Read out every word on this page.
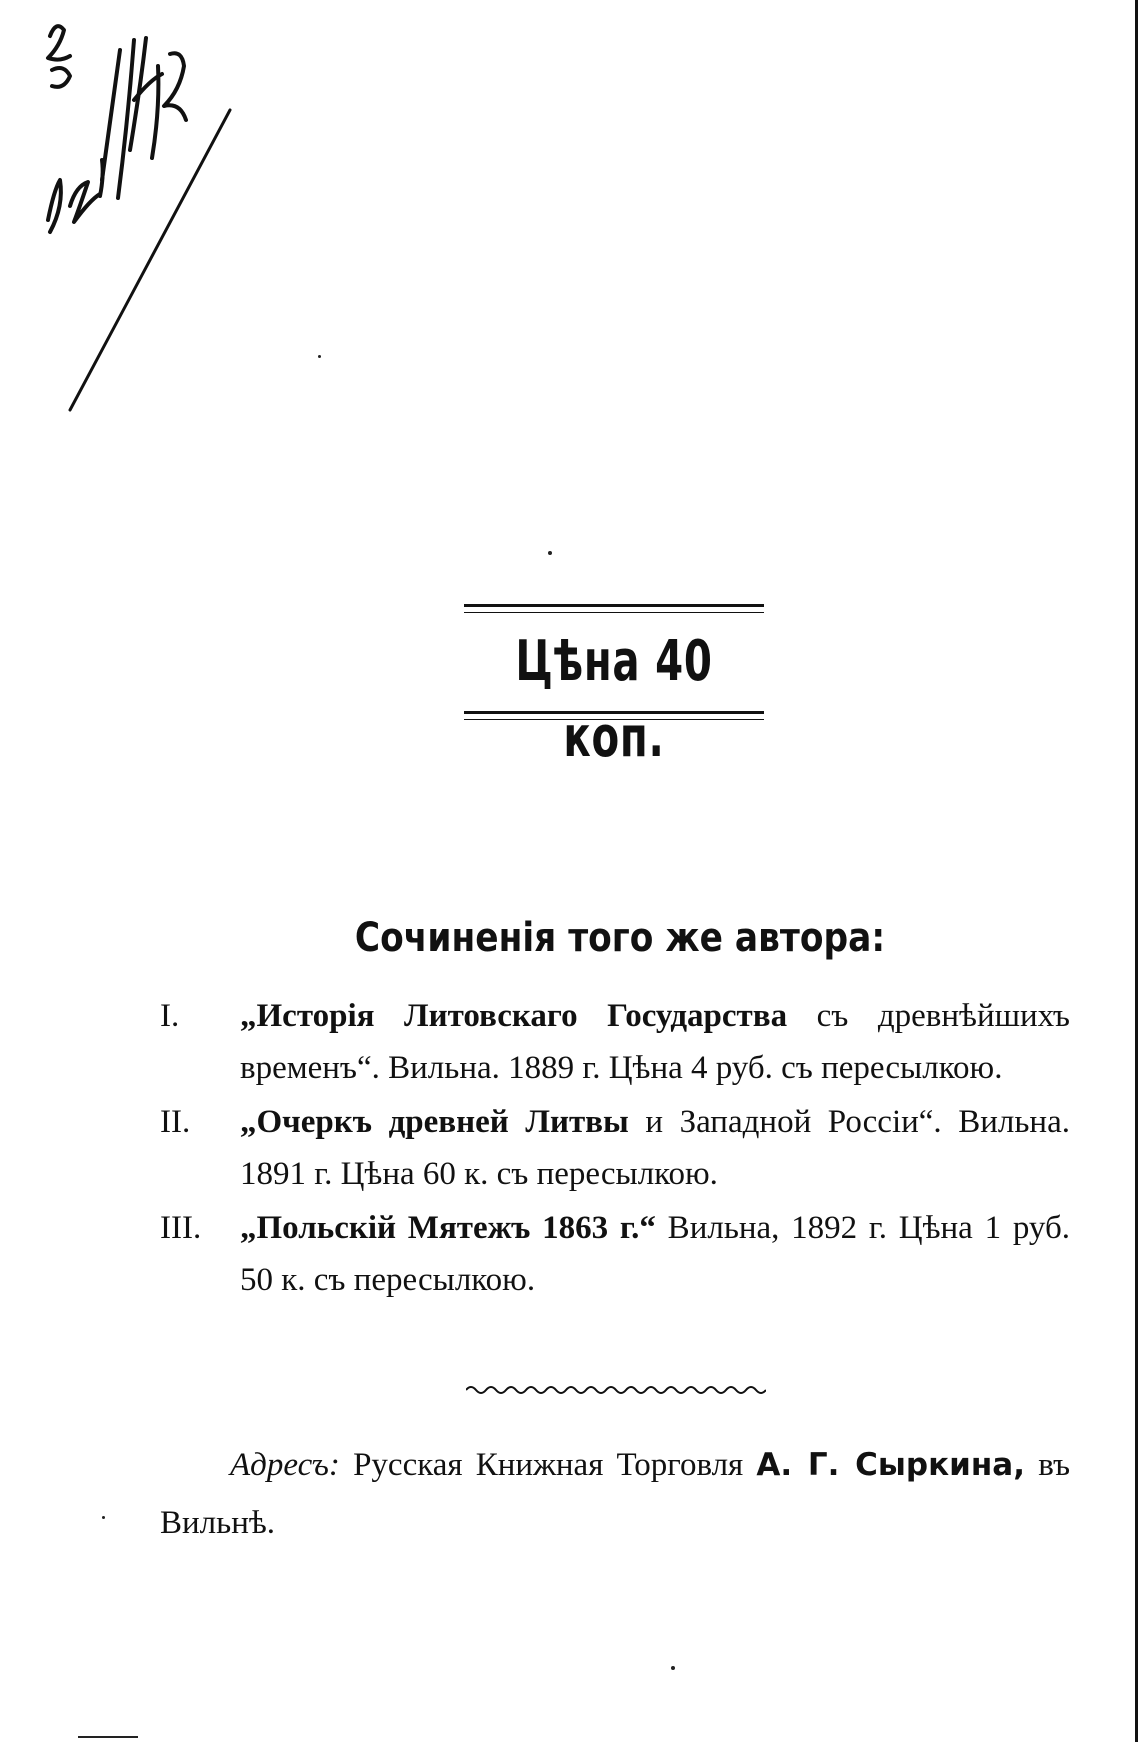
Цѣна 40 коп.
Сочиненія того же автора:
I.	„Исторія Литовскаго Государства съ древнѣйшихъ временъ“. Вильна. 1889 г. Цѣна 4 руб. съ пересылкою.
II.	„Очеркъ древней Литвы и Западной Россіи“. Вильна. 1891 г. Цѣна 60 к. съ пересылкою.
III.	„Польскій Мятежъ 1863 г.“ Вильна, 1892 г. Цѣна 1 руб. 50 к. съ пересылкою.
Адресъ: Русская Книжная Торговля А. Г. Сыркина, въ Вильнѣ.
